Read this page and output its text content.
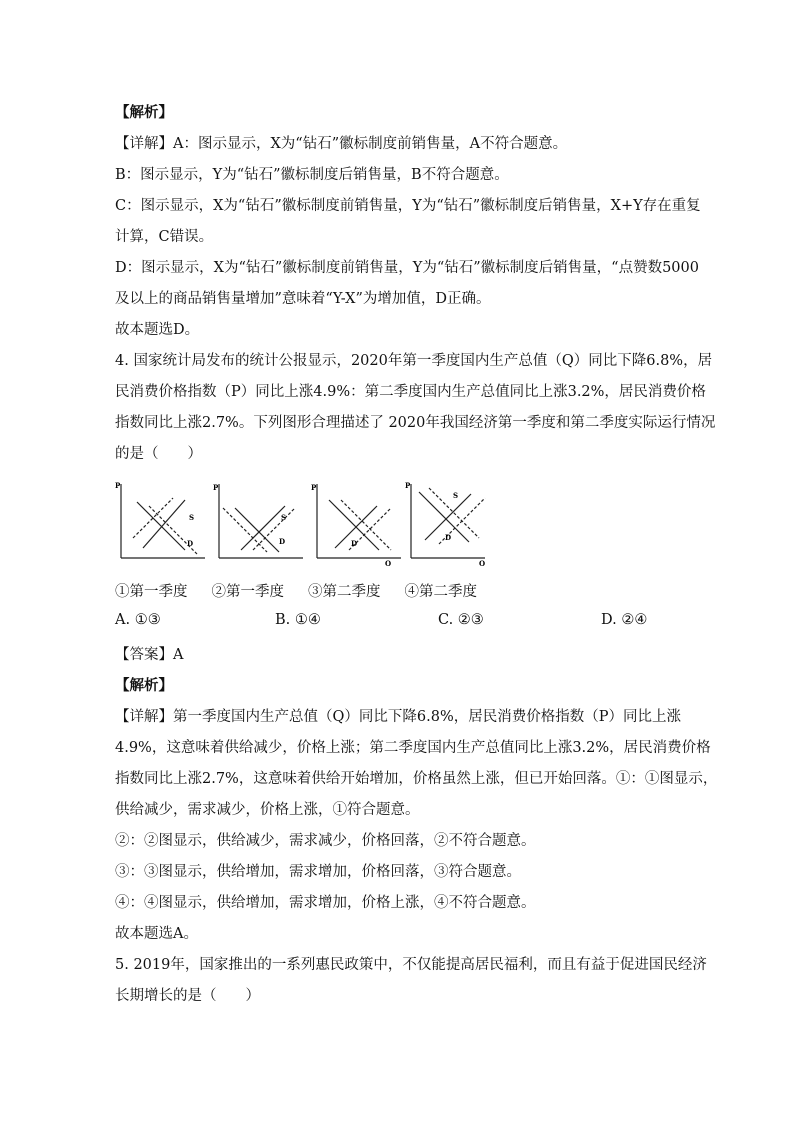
【解析】
【详解】A：图示显示，X为“钻石”徽标制度前销售量，A不符合题意。
B：图示显示，Y为“钻石”徽标制度后销售量，B不符合题意。
C：图示显示，X为“钻石”徽标制度前销售量，Y为“钻石”徽标制度后销售量，X+Y存在重复
计算，C错误。
D：图示显示，X为“钻石”徽标制度前销售量，Y为“钻石”徽标制度后销售量，“点赞数5000
及以上的商品销售量增加”意味着“Y-X”为增加值，D正确。
故本题选D。
4. 国家统计局发布的统计公报显示，2020年第一季度国内生产总值（Q）同比下降6.8%，居
民消费价格指数（P）同比上涨4.9%：第二季度国内生产总值同比上涨3.2%，居民消费价格
指数同比上涨2.7%。下列图形合理描述了 2020年我国经济第一季度和第二季度实际运行情况
的是（　　）
【答案】A
【解析】
【详解】第一季度国内生产总值（Q）同比下降6.8%，居民消费价格指数（P）同比上涨
4.9%，这意味着供给减少，价格上涨；第二季度国内生产总值同比上涨3.2%，居民消费价格
指数同比上涨2.7%，这意味着供给开始增加，价格虽然上涨，但已开始回落。①：①图显示，
供给减少，需求减少，价格上涨，①符合题意。
②：②图显示，供给减少，需求减少，价格回落，②不符合题意。
③：③图显示，供给增加，需求增加，价格回落，③符合题意。
④：④图显示，供给增加，需求增加，价格上涨，④不符合题意。
故本题选A。
5. 2019年，国家推出的一系列惠民政策中，不仅能提高居民福利，而且有益于促进国民经济
长期增长的是（　　）
P
S
D
P
S
D
P
Q
D
P
Q
S
D
①第一季度 ②第一季度 ③第二季度 ④第二季度
A. ①③	B. ①④	C. ②③	D. ②④
